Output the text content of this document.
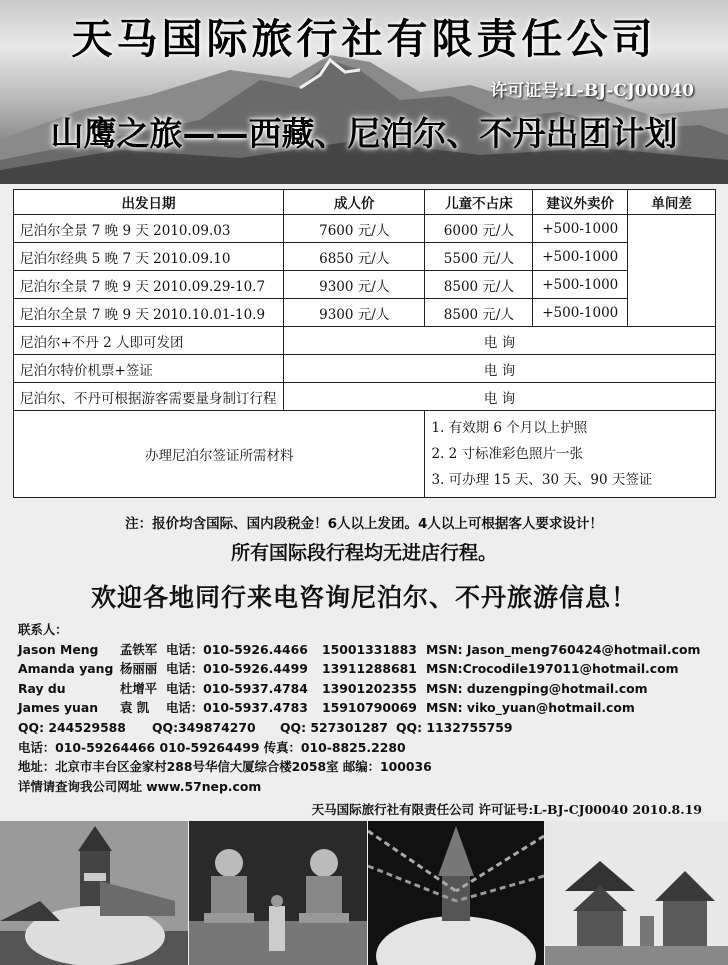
天马国际旅行社有限责任公司
许可证号:L-BJ-CJ00040
山鹰之旅——西藏、尼泊尔、不丹出团计划
出发日期	成人价	儿童不占床	建议外卖价	单间差
尼泊尔全景 7 晚 9 天 2010.09.03	7600 元/人	6000 元/人	+500-1000	
尼泊尔经典 5 晚 7 天 2010.09.10	6850 元/人	5500 元/人	+500-1000	
尼泊尔全景 7 晚 9 天 2010.09.29-10.7	9300 元/人	8500 元/人	+500-1000	
尼泊尔全景 7 晚 9 天 2010.10.01-10.9	9300 元/人	8500 元/人	+500-1000	
尼泊尔+不丹 2 人即可发团	电 询			
尼泊尔特价机票+签证	电 询			
尼泊尔、不丹可根据游客需要量身制订行程	电 询			
办理尼泊尔签证所需材料		1. 有效期 6 个月以上护照
2. 2 寸标准彩色照片一张
3. 可办理 15 天、30 天、90 天签证		
注：报价均含国际、国内段税金！6人以上发团。4人以上可根据客人要求设计！
所有国际段行程均无进店行程。
欢迎各地同行来电咨询尼泊尔、不丹旅游信息！
联系人：
Jason Meng 孟铁军 电话：010-5926.4466 15001331883 MSN: Jason_meng760424@hotmail.com
Amanda yang 杨丽丽 电话：010-5926.4499 13911288681 MSN:Crocodile197011@hotmail.com
Ray du	杜增平 电话：010-5937.4784 13901202355 MSN: duzengping@hotmail.com
James yuan 袁 凯 电话：010-5937.4783 15910790069 MSN: viko_yuan@hotmail.com
QQ: 244529588 QQ:349874270 QQ: 527301287 QQ: 1132755759
电话：010-59264466 010-59264499 传真：010-8825.2280
地址：北京市丰台区金家村288号华信大厦综合楼2058室 邮编：100036
详情请查询我公司网址 www.57nep.com
天马国际旅行社有限责任公司 许可证号:L-BJ-CJ00040 2010.8.19
